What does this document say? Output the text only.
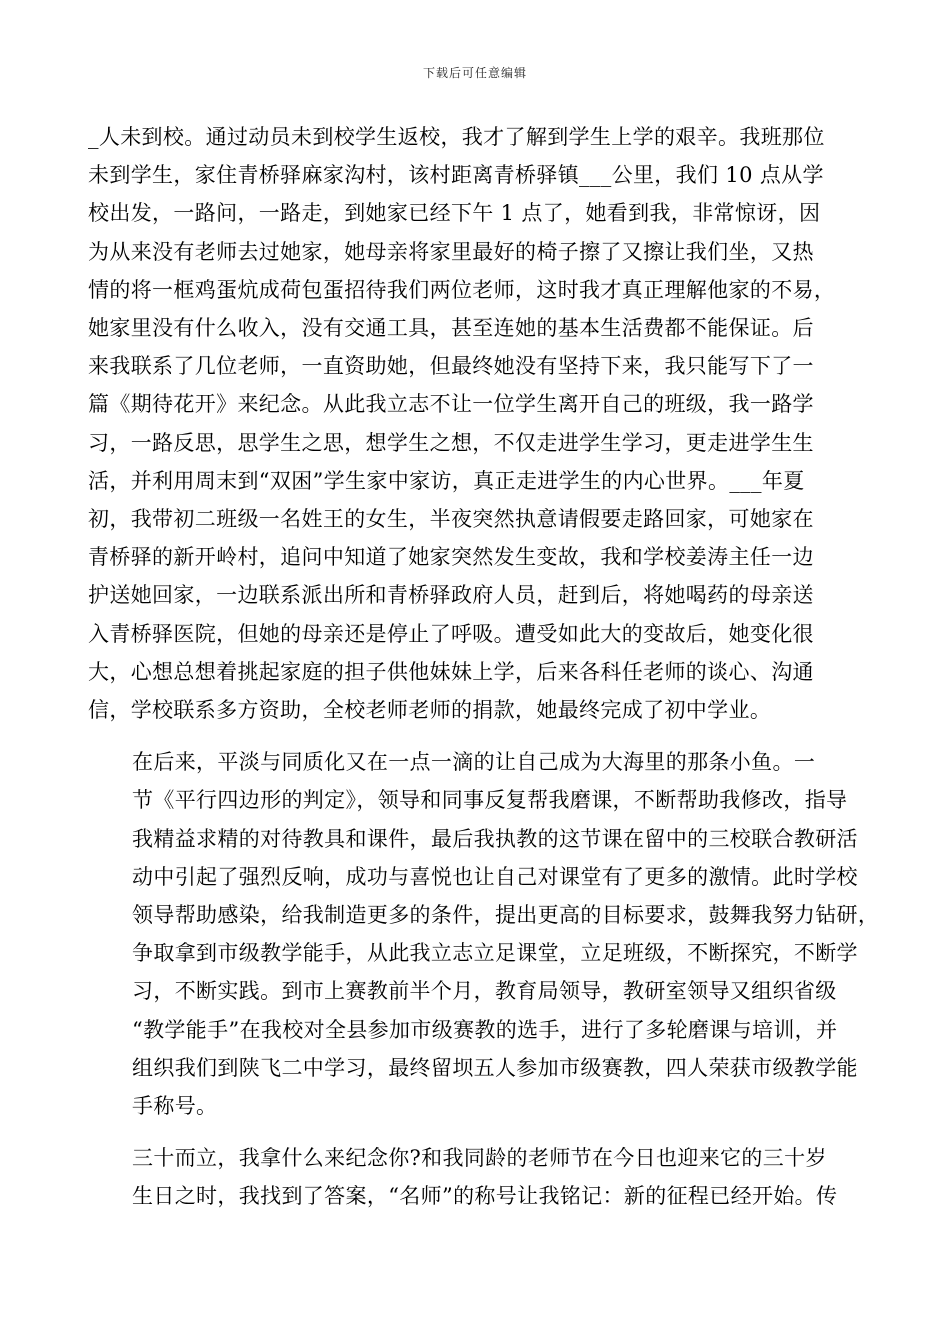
下载后可任意编辑

_人未到校。通过动员未到校学生返校，我才了解到学生上学的艰辛。我班那位
未到学生，家住青桥驿麻家沟村，该村距离青桥驿镇___公里，我们 10 点从学
校出发，一路问，一路走，到她家已经下午 1 点了，她看到我，非常惊讶，因
为从来没有老师去过她家，她母亲将家里最好的椅子擦了又擦让我们坐，又热
情的将一框鸡蛋炕成荷包蛋招待我们两位老师，这时我才真正理解他家的不易，
她家里没有什么收入，没有交通工具，甚至连她的基本生活费都不能保证。后
来我联系了几位老师，一直资助她，但最终她没有坚持下来，我只能写下了一
篇《期待花开》来纪念。从此我立志不让一位学生离开自己的班级，我一路学
习，一路反思，思学生之思，想学生之想，不仅走进学生学习，更走进学生生
活，并利用周末到“双困”学生家中家访，真正走进学生的内心世界。___年夏
初，我带初二班级一名姓王的女生，半夜突然执意请假要走路回家，可她家在
青桥驿的新开岭村，追问中知道了她家突然发生变故，我和学校姜涛主任一边
护送她回家，一边联系派出所和青桥驿政府人员，赶到后，将她喝药的母亲送
入青桥驿医院，但她的母亲还是停止了呼吸。遭受如此大的变故后，她变化很
大，心想总想着挑起家庭的担子供他妹妹上学，后来各科任老师的谈心、沟通
信，学校联系多方资助，全校老师老师的捐款，她最终完成了初中学业。

在后来，平淡与同质化又在一点一滴的让自己成为大海里的那条小鱼。一
节《平行四边形的判定》，领导和同事反复帮我磨课，不断帮助我修改，指导
我精益求精的对待教具和课件，最后我执教的这节课在留中的三校联合教研活
动中引起了强烈反响，成功与喜悦也让自己对课堂有了更多的激情。此时学校
领导帮助感染，给我制造更多的条件，提出更高的目标要求，鼓舞我努力钻研，
争取拿到市级教学能手，从此我立志立足课堂，立足班级，不断探究，不断学
习，不断实践。到市上赛教前半个月，教育局领导，教研室领导又组织省级
“教学能手”在我校对全县参加市级赛教的选手，进行了多轮磨课与培训，并
组织我们到陕飞二中学习，最终留坝五人参加市级赛教，四人荣获市级教学能
手称号。

三十而立，我拿什么来纪念你?和我同龄的老师节在今日也迎来它的三十岁
生日之时，我找到了答案，“名师”的称号让我铭记：新的征程已经开始。传
